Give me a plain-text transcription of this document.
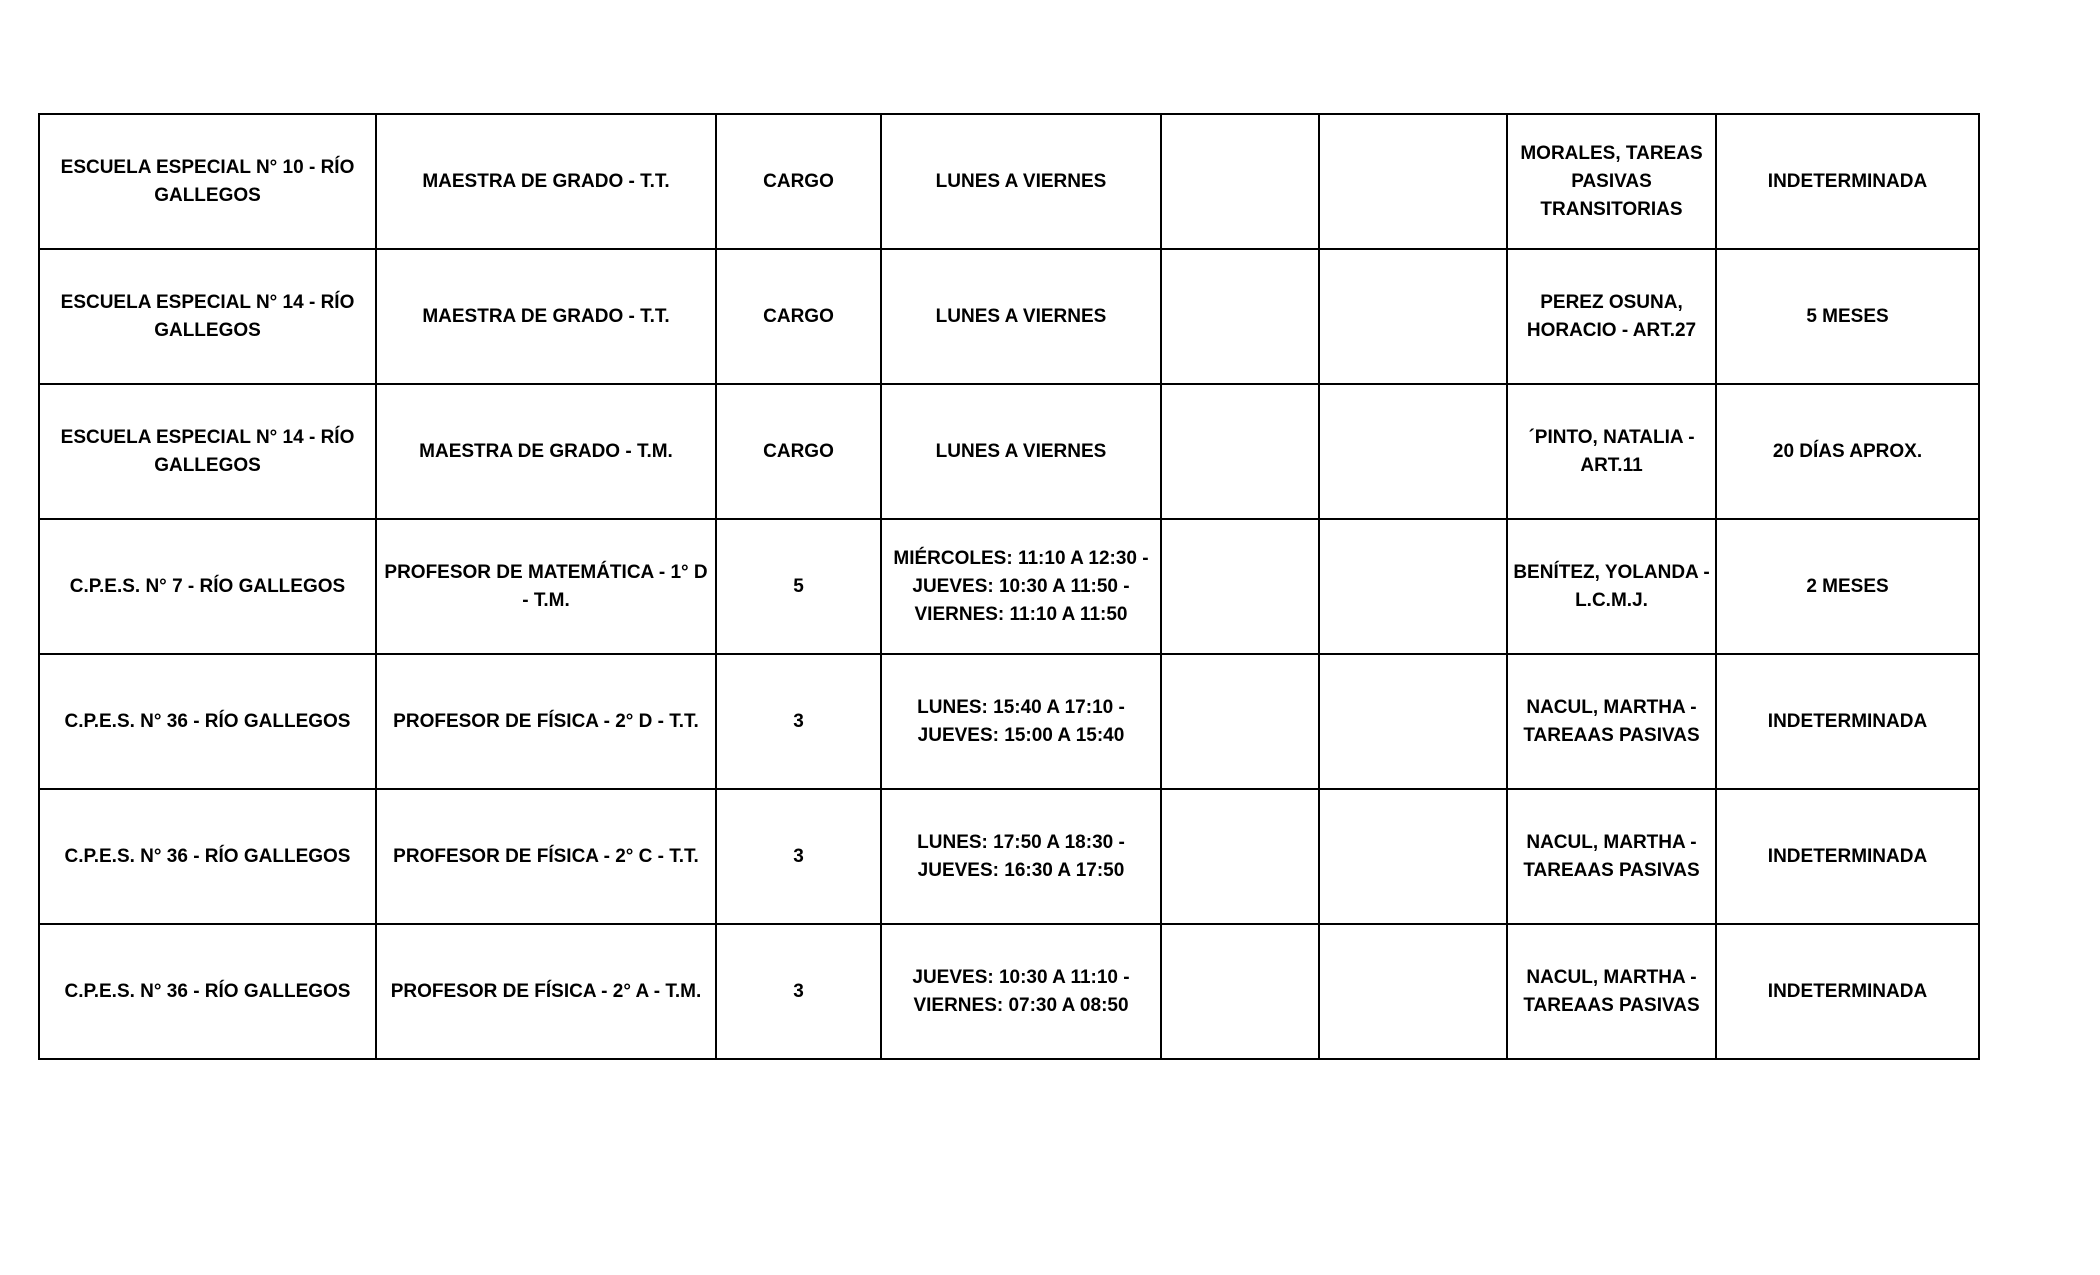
ESCUELA ESPECIAL N° 10 - RÍO GALLEGOS	MAESTRA DE GRADO - T.T.	CARGO	LUNES A VIERNES			MORALES, TAREAS PASIVAS TRANSITORIAS	INDETERMINADA
ESCUELA ESPECIAL N° 14 - RÍO GALLEGOS	MAESTRA DE GRADO - T.T.	CARGO	LUNES A VIERNES			PEREZ OSUNA, HORACIO - ART.27	5 MESES
ESCUELA ESPECIAL N° 14 - RÍO GALLEGOS	MAESTRA DE GRADO - T.M.	CARGO	LUNES A VIERNES			´PINTO, NATALIA - ART.11	20 DÍAS APROX.
C.P.E.S. N° 7 - RÍO GALLEGOS	PROFESOR DE MATEMÁTICA - 1° D - T.M.	5	MIÉRCOLES: 11:10 A 12:30 - JUEVES: 10:30 A 11:50 - VIERNES: 11:10 A 11:50			BENÍTEZ, YOLANDA - L.C.M.J.	2 MESES
C.P.E.S. N° 36 - RÍO GALLEGOS	PROFESOR DE FÍSICA - 2° D - T.T.	3	LUNES: 15:40 A 17:10 - JUEVES: 15:00 A 15:40			NACUL, MARTHA - TAREAAS PASIVAS	INDETERMINADA
C.P.E.S. N° 36 - RÍO GALLEGOS	PROFESOR DE FÍSICA - 2° C - T.T.	3	LUNES: 17:50 A 18:30 - JUEVES: 16:30 A 17:50			NACUL, MARTHA - TAREAAS PASIVAS	INDETERMINADA
C.P.E.S. N° 36 - RÍO GALLEGOS	PROFESOR DE FÍSICA - 2° A - T.M.	3	JUEVES: 10:30 A 11:10 - VIERNES: 07:30 A 08:50			NACUL, MARTHA - TAREAAS PASIVAS	INDETERMINADA
